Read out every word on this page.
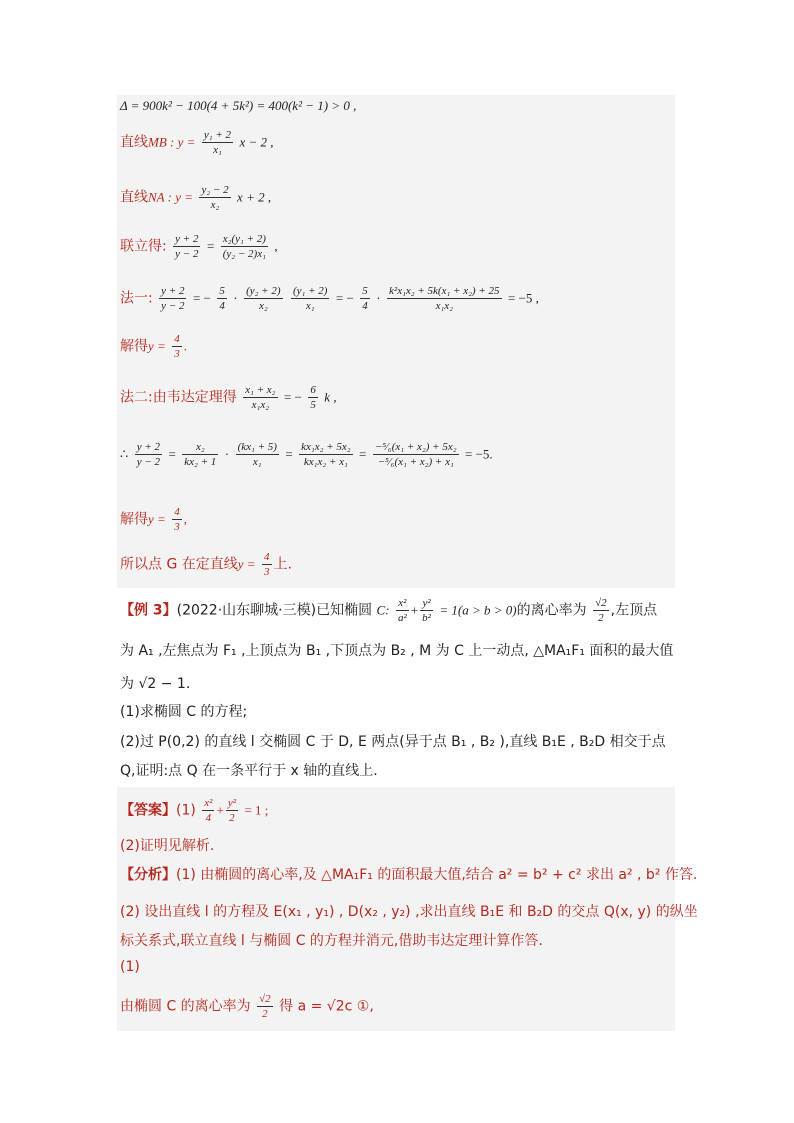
Δ = 900k² − 100(4 + 5k²) = 400(k² − 1) > 0 ,
直线MB : $y = \frac{\text{y₁ + 2}}{\text{x₁}}$ x − 2 ,
直线NA : $y = \frac{\text{y₂ − 2}}{\text{x₂}}$ x + 2 ,
联立得: $\frac{y + 2}{y - 2} = \frac{\text{x₂(y₁ + 2)}}{\text{(y₂ − 2)x₁}}$ ,
法一: $\frac{y + 2}{y - 2}$ = − $\frac{5}{4} \cdot \frac{\text{(y₂ + 2)}}{\text{x₂}}$
$\frac{\text{(y₁ + 2)}}{\text{x₁}}$ = − $\frac{5}{4} \cdot \frac{\text{k²x₁x₂ + 5k(x₁ + x₂) + 25}}{\text{x₁x₂}} = -5$ ,
解得$y = \frac{4}{3}$ .
法二:由韦达定理得 $\frac{\text{x₁ + x₂}}{\text{x₁x₂}}$ = − $\frac{6}{5}$ k ,
∴ $\frac{y + 2}{y - 2} = \frac{\text{x₂}}{\text{kx₂ + 1}} \cdot \frac{\text{(kx₁ + 5)}}{\text{x₁}} = \frac{\text{kx₁x₂ + 5x₂}}{\text{kx₁x₂ + x₁}} = \frac{\text{−⁵⁄₆(x₁ + x₂) + 5x₂}}{\text{−⁵⁄₆(x₁ + x₂) + x₁}} = -5$.
解得$y = \frac{4}{3}$ ,
所以点 G 在定直线$y = \frac{4}{3}$ 上.
【例 3】(2022·山东聊城·三模)已知椭圆 C: $\frac{\text{x²}}{\text{a²}} + \frac{\text{y²}}{\text{b²}} = 1(a > b > 0)$的离心率为 $\frac{√2}{2}$ ,左顶点
为 A₁ ,左焦点为 F₁ ,上顶点为 B₁ ,下顶点为 B₂ , M 为 C 上一动点, △MA₁F₁ 面积的最大值
为 √2 − 1.
(1)求椭圆 C 的方程;
(2)过 P(0,2) 的直线 l 交椭圆 C 于 D, E 两点(异于点 B₁ , B₂ ),直线 B₁E , B₂D 相交于点
Q,证明:点 Q 在一条平行于 x 轴的直线上.
【答案】$(1) \frac{\text{x²}}{4} + \frac{\text{y²}}{2} = 1$ ;
(2)证明见解析.
【分析】(1) 由椭圆的离心率,及 △MA₁F₁ 的面积最大值,结合 a² = b² + c² 求出 a² , b² 作答.
(2) 设出直线 l 的方程及 E(x₁ , y₁) , D(x₂ , y₂) ,求出直线 B₁E 和 B₂D 的交点 Q(x, y) 的纵坐
标关系式,联立直线 l 与椭圆 C 的方程并消元,借助韦达定理计算作答.
(1)
由椭圆 C 的离心率为 $\frac{√2}{2}$ 得 a = √2c ①,
